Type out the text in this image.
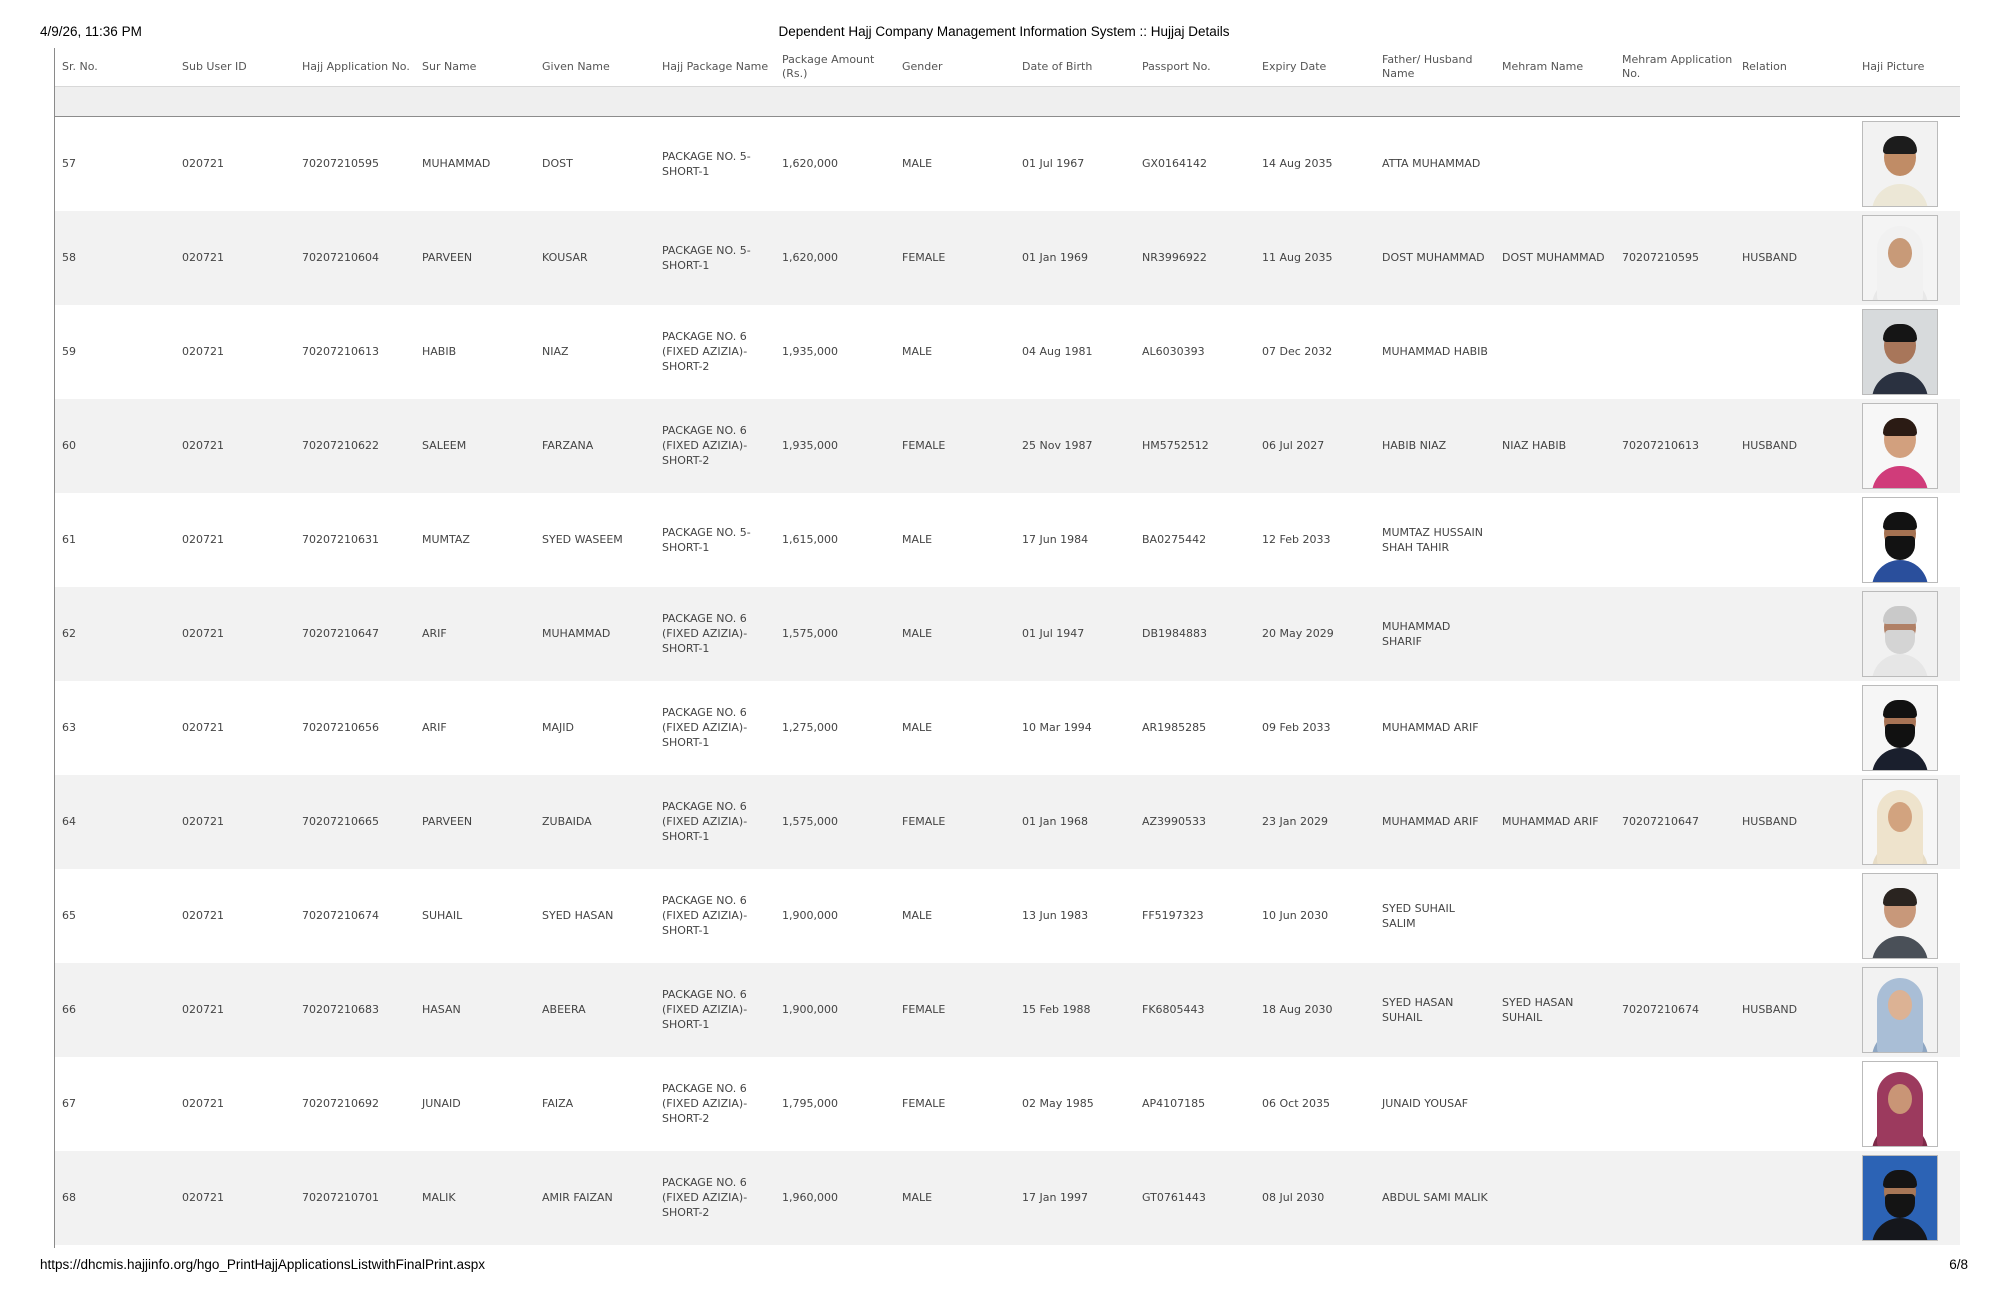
4/9/26, 11:36 PM	Dependent Hajj Company Management Information System :: Hujjaj Details
Sr. No.	Sub User ID	Hajj Application No.	Sur Name	Given Name	Hajj Package Name	Package Amount (Rs.)	Gender	Date of Birth	Passport No.	Expiry Date	Father/ Husband Name	Mehram Name	Mehram Application No.	Relation	Haji Picture

57	020721	70207210595	MUHAMMAD	DOST	PACKAGE NO. 5-SHORT-1	1,620,000	MALE	01 Jul 1967	GX0164142	14 Aug 2035	ATTA MUHAMMAD				

58	020721	70207210604	PARVEEN	KOUSAR	PACKAGE NO. 5-SHORT-1	1,620,000	FEMALE	01 Jan 1969	NR3996922	11 Aug 2035	DOST MUHAMMAD	DOST MUHAMMAD	70207210595	HUSBAND	

59	020721	70207210613	HABIB	NIAZ	PACKAGE NO. 6 (FIXED AZIZIA)-SHORT-2	1,935,000	MALE	04 Aug 1981	AL6030393	07 Dec 2032	MUHAMMAD HABIB				

60	020721	70207210622	SALEEM	FARZANA	PACKAGE NO. 6 (FIXED AZIZIA)-SHORT-2	1,935,000	FEMALE	25 Nov 1987	HM5752512	06 Jul 2027	HABIB NIAZ	NIAZ HABIB	70207210613	HUSBAND	

61	020721	70207210631	MUMTAZ	SYED WASEEM	PACKAGE NO. 5-SHORT-1	1,615,000	MALE	17 Jun 1984	BA0275442	12 Feb 2033	MUMTAZ HUSSAIN SHAH TAHIR				

62	020721	70207210647	ARIF	MUHAMMAD	PACKAGE NO. 6 (FIXED AZIZIA)-SHORT-1	1,575,000	MALE	01 Jul 1947	DB1984883	20 May 2029	MUHAMMAD SHARIF				

63	020721	70207210656	ARIF	MAJID	PACKAGE NO. 6 (FIXED AZIZIA)-SHORT-1	1,275,000	MALE	10 Mar 1994	AR1985285	09 Feb 2033	MUHAMMAD ARIF				

64	020721	70207210665	PARVEEN	ZUBAIDA	PACKAGE NO. 6 (FIXED AZIZIA)-SHORT-1	1,575,000	FEMALE	01 Jan 1968	AZ3990533	23 Jan 2029	MUHAMMAD ARIF	MUHAMMAD ARIF	70207210647	HUSBAND	

65	020721	70207210674	SUHAIL	SYED HASAN	PACKAGE NO. 6 (FIXED AZIZIA)-SHORT-1	1,900,000	MALE	13 Jun 1983	FF5197323	10 Jun 2030	SYED SUHAIL SALIM				

66	020721	70207210683	HASAN	ABEERA	PACKAGE NO. 6 (FIXED AZIZIA)-SHORT-1	1,900,000	FEMALE	15 Feb 1988	FK6805443	18 Aug 2030	SYED HASAN SUHAIL	SYED HASAN SUHAIL	70207210674	HUSBAND	

67	020721	70207210692	JUNAID	FAIZA	PACKAGE NO. 6 (FIXED AZIZIA)-SHORT-2	1,795,000	FEMALE	02 May 1985	AP4107185	06 Oct 2035	JUNAID YOUSAF				

68	020721	70207210701	MALIK	AMIR FAIZAN	PACKAGE NO. 6 (FIXED AZIZIA)-SHORT-2	1,960,000	MALE	17 Jan 1997	GT0761443	08 Jul 2030	ABDUL SAMI MALIK				
https://dhcmis.hajjinfo.org/hgo_PrintHajjApplicationsListwithFinalPrint.aspx	6/8
